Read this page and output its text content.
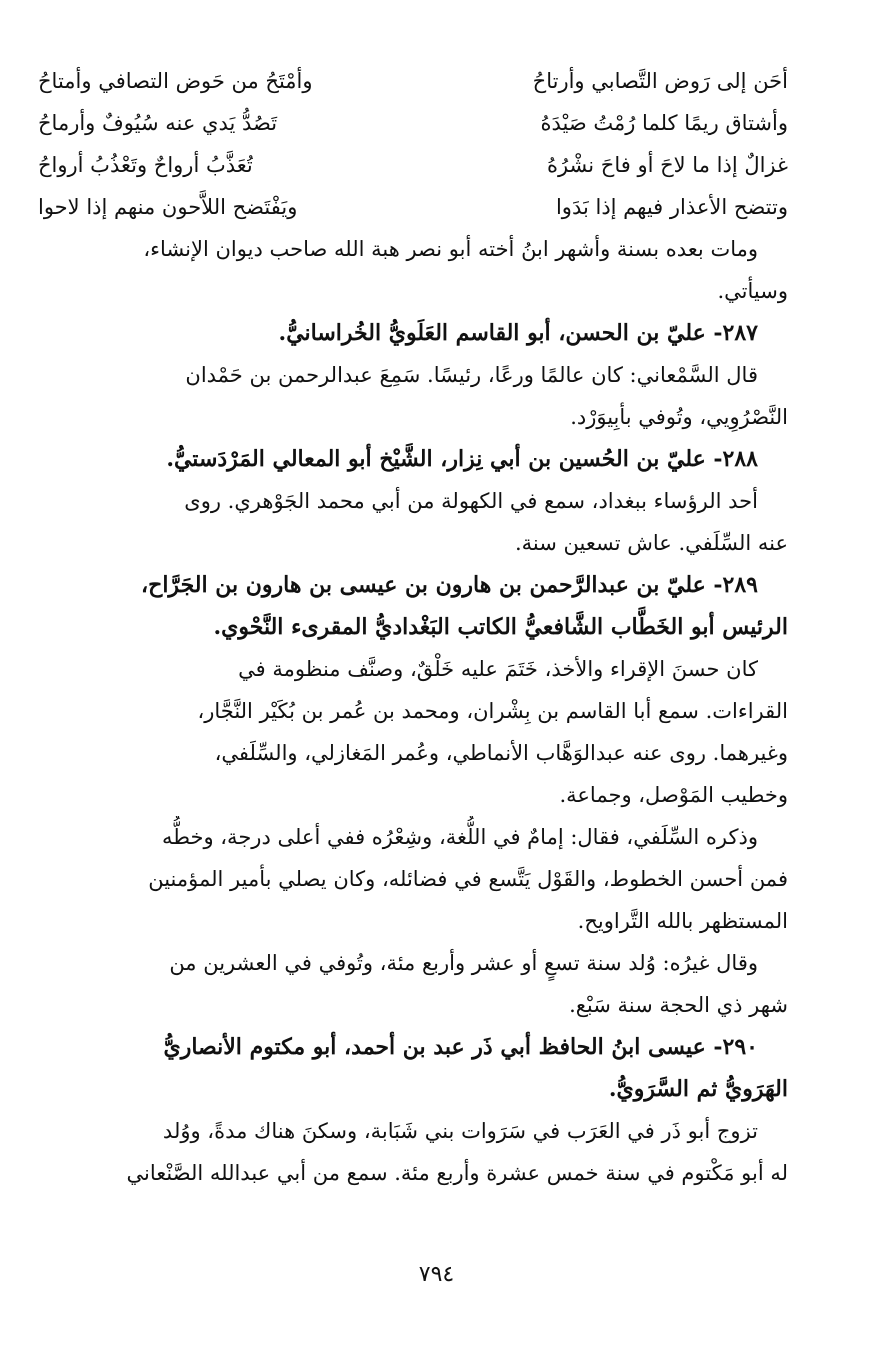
أحَن إلى رَوض التَّصابي وأرتاحُ
وأمْتَحُ من حَوض التصافي وأمتاحُ
وأشتاق ريمًا كلما رُمْتُ صَيْدَهُ
تَصُدُّ يَدي عنه سُيُوفٌ وأرماحُ
غزالٌ إذا ما لاحَ أو فاحَ نشْرُهُ
تُعَذَّبُ أرواحٌ وتَعْذُبُ أرواحُ
وتتضح الأعذار فيهم إذا بَدَوا
ويَفْتَضح اللاَّحون منهم إذا لاحوا
ومات بعده بسنة وأشهر ابنُ أخته أبو نصر هبة الله صاحب ديوان الإنشاء،
وسيأتي.
٢٨٧- عليّ بن الحسن، أبو القاسم العَلَويُّ الخُراسانيُّ.
قال السَّمْعاني: كان عالمًا ورعًا، رئيسًا. سَمِعَ عبدالرحمن بن حَمْدان
النَّصْرُوِيي، وتُوفي بأبِيوَرْد.
٢٨٨- عليّ بن الحُسين بن أبي نِزار، الشَّيْخ أبو المعالي المَرْدَستيُّ.
أحد الرؤساء ببغداد، سمع في الكهولة من أبي محمد الجَوْهري. روى
عنه السِّلَفي. عاش تسعين سنة.
٢٨٩- عليّ بن عبدالرَّحمن بن هارون بن عيسى بن هارون بن الجَرَّاح،
الرئيس أبو الخَطَّاب الشَّافعيُّ الكاتب البَغْداديُّ المقرىء النَّحْوي.
كان حسنَ الإقراء والأخذ، خَتَمَ عليه خَلْقٌ، وصنَّف منظومة في
القراءات. سمع أبا القاسم بن بِشْران، ومحمد بن عُمر بن بُكَيْر النَّجَّار،
وغيرهما. روى عنه عبدالوَهَّاب الأنماطي، وعُمر المَغازلي، والسِّلَفي،
وخطيب المَوْصل، وجماعة.
وذكره السِّلَفي، فقال: إمامٌ في اللُّغة، وشِعْرُه ففي أعلى درجة، وخطُّه
فمن أحسن الخطوط، والقَوْل يَتَّسع في فضائله، وكان يصلي بأمير المؤمنين
المستظهر بالله التَّراويح.
وقال غيرُه: وُلد سنة تسعٍ أو عشر وأربع مئة، وتُوفي في العشرين من
شهر ذي الحجة سنة سَبْع.
٢٩٠- عيسى ابنُ الحافظ أبي ذَر عبد بن أحمد، أبو مكتوم الأنصاريُّ
الهَرَويُّ ثم السَّرَويُّ.
تزوج أبو ذَر في العَرَب في سَرَوات بني شَبَابة، وسكنَ هناك مدةً، ووُلد
له أبو مَكْتوم في سنة خمس عشرة وأربع مئة. سمع من أبي عبدالله الصَّنْعاني
٧٩٤
